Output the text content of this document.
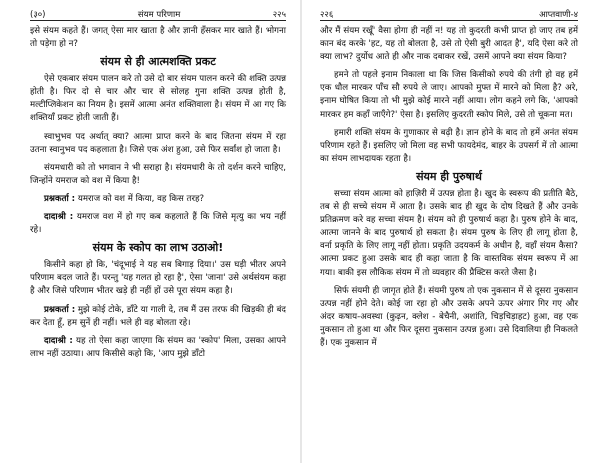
(३०)	संयम परिणाम	२२५

इसे संयम कहते हैं। जगत् ऐसा मार खाता है और ज्ञानी हँसकर मार खाते हैं। भोगना तो पड़ेगा हो न?

संयम से ही आत्मशक्ति प्रकट

ऐसे एकबार संयम पालन करे तो उसे दो बार संयम पालन करने की शक्ति उत्पन्न होती है। फिर दो से चार और चार से सोलह गुना शक्ति उत्पन्न होती है, मल्टीप्लिकेशन का नियम है। इसमें आत्मा अनंत शक्तिवाला है। संयम में आ गए कि शक्तियाँ प्रकट होती जाती हैं।

स्वाभुभव पद अर्थात् क्या? आत्मा प्राप्त करने के बाद जितना संयम में रहा उतना स्वानुभव पद कहलाता है। जिसे एक अंश हुआ, उसे फिर सर्वांश हो जाता है।

संयमधारी को तो भगवान ने भी सराहा है। संयमधारी के तो दर्शन करने चाहिए, जिन्होंने यमराज को वश में किया है!

प्रश्नकर्ता : यमराज को वश में किया, वह किस तरह?

दादाश्री : यमराज वश में हो गए कब कहलाते हैं कि जिसे मृत्यु का भय नहीं रहे।

संयम के स्कोप का लाभ उठाओ!

किसीने कहा हो कि, 'चंदूभाई ने यह सब बिगाड़ दिया।' उस घड़ी भीतर अपने परिणाम बदल जाते हैं। परन्तु 'यह गलत हो रहा है', ऐसा 'जाना' उसे अर्थसंयम कहा है और जिसे परिणाम भीतर खड़े ही नहीं हों उसे पूरा संयम कहा है।

प्रश्नकर्ता : मुझे कोई टोके, डाँटे या गाली दे, तब मैं उस तरफ की खिड़की ही बंद कर देता हूँ, हम सुनें ही नहीं। भले ही वह बोलता रहे।

दादाश्री : यह तो ऐसा कहा जाएगा कि संयम का 'स्कोप' मिला, उसका आपने लाभ नहीं उठाया। आप किसीसे कहो कि, 'आप मुझे डाँटो

२२६	आप्तवाणी-४

और मैं संयम रखूँ' वैसा होगा ही नहीं न! यह तो कुदरती कभी प्राप्त हो जाए तब हमें कान बंद करके 'हट, यह तो बोलता है, उसे तो ऐसी बुरी आदत है', यदि ऐसा करे तो क्या लाभ? दुर्योध आते ही और नाक दबाकर रखें, उसमें आपने क्या संयम किया?

हमने तो पहले इनाम निकाला था कि जिस किसीको रुपये की तंगी हो वह हमें एक धौल मारकर पाँच सौ रुपये ले जाए। आपको मुफ्त में मारने को मिला है? अरे, इनाम घोषित किया तो भी मुझे कोई मारने नहीं आया। लोग कहने लगे कि, 'आपको मारकर हम कहाँ जाएँगे?' ऐसा है। इसलिए कुदरती स्कोप मिले, उसे तो चूकना मत।

हमारी शक्ति संयम के गुणाकार से बढ़ी है। ज्ञान होने के बाद तो हमें अनंत संयम परिणाम रहते हैं। इसलिए जो मिला वह सभी फायदेमंद, बाहर के उपसर्ग में तो आत्मा का संयम लाभदायक रहता है।

संयम ही पुरुषार्थ

सच्चा संयम आत्मा को हाज़िरी में उत्पन्न होता है। खुद के स्वरूप की प्रतीति बैठे, तब से ही सच्चे संयम में आता है। उसके बाद ही खुद के दोष दिखते हैं और उनके प्रतिक्रमण करे वह सच्चा संयम है। संयम को ही पुरुषार्थ कहा है। पुरुष होने के बाद, आत्मा जानने के बाद पुरुषार्थ हो सकता है। संयम पुरुष के लिए ही लागू होता है, वर्ना प्रकृति के लिए लागू नहीं होता। प्रकृति उदयकर्म के अधीन है, वहाँ संयम कैसा? आत्मा प्रकट हुआ उसके बाद ही कहा जाता है कि वास्तविक संयम स्वरूप में आ गया। बाकी इस लौकिक संयम में तो व्यवहार की प्रैक्टिस करते जैसा है।

सिर्फ संयमी ही जागृत होते हैं। संयमी पुरुष तो एक नुकसान में से दूसरा नुकसान उत्पन्न नहीं होने देते। कोई जा रहा हो और उसके अपने ऊपर अंगार गिर गए और अंदर कषाय-अवस्था (कुढ़न, क्लेश - बेचैनी, अशांति, चिड़चिड़ाहट) हुआ, वह एक नुकसान तो हुआ था और फिर दूसरा नुकसान उत्पन्न हुआ। उसे दिवालिया ही निकलते हैं। एक नुकसान में
